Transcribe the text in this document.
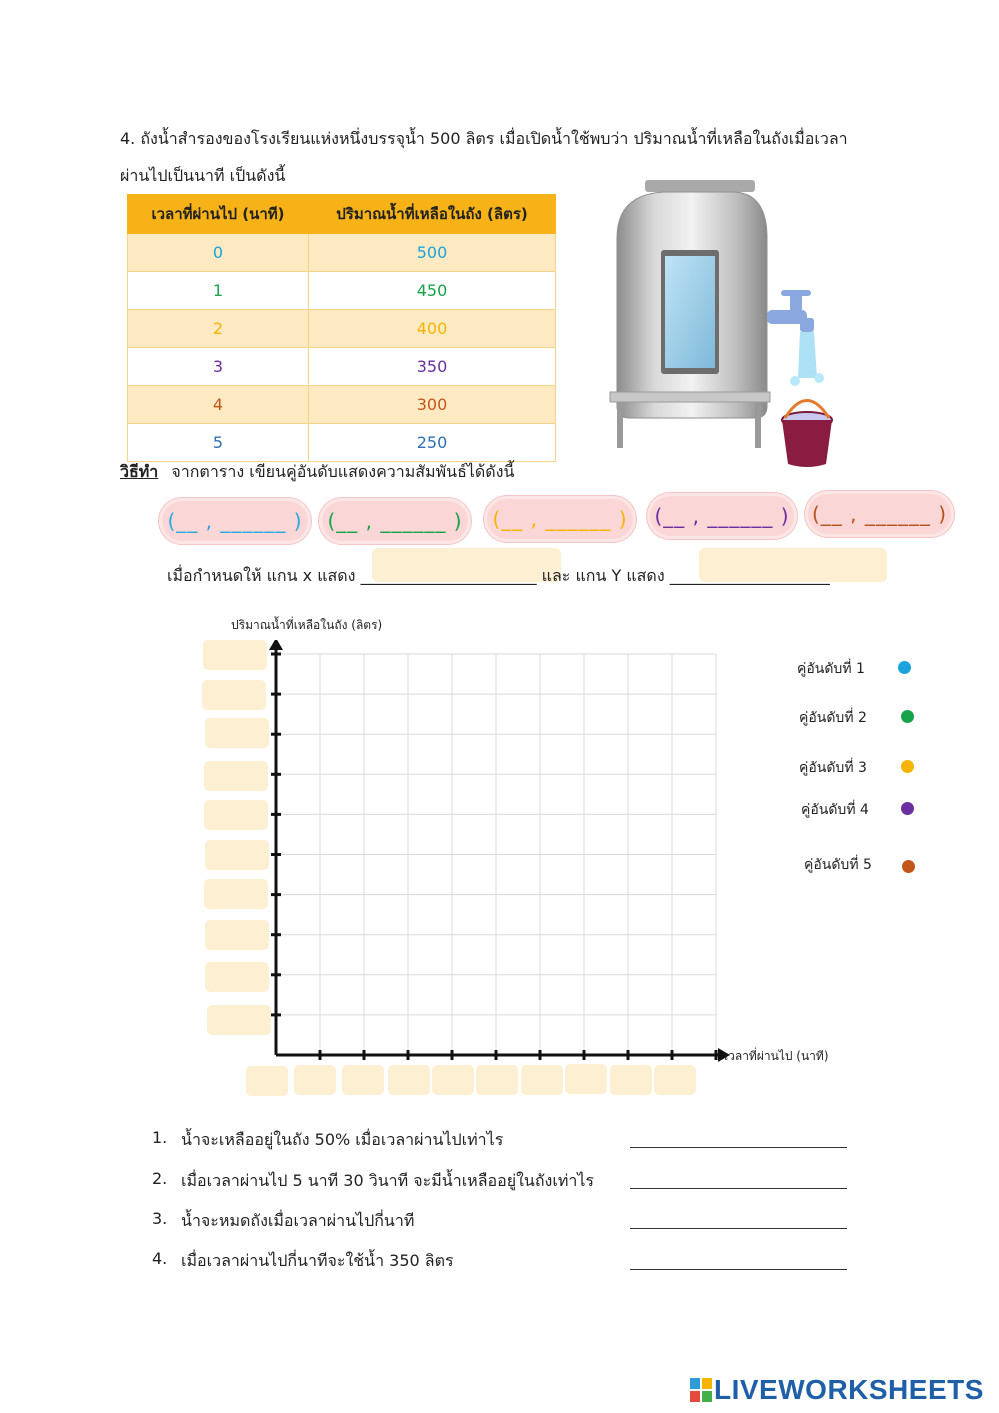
4. ถังน้ำสำรองของโรงเรียนแห่งหนึ่งบรรจุน้ำ 500 ลิตร เมื่อเปิดน้ำใช้พบว่า ปริมาณน้ำที่เหลือในถังเมื่อเวลา
ผ่านไปเป็นนาที เป็นดังนี้
เวลาที่ผ่านไป (นาที)	ปริมาณน้ำที่เหลือในถัง (ลิตร)
0	500
1	450
2	400
3	350
4	300
5	250
วิธีทำ จากตาราง เขียนคู่อันดับแสดงความสัมพันธ์ได้ดังนี้
(__ , ______ ) (__ , ______ ) (__ , ______ ) (__ , ______ ) (__ , ______ )
เมื่อกำหนดให้ แกน x แสดง ______________________ และ แกน Y แสดง ____________________
ปริมาณน้ำที่เหลือในถัง (ลิตร)
เวลาที่ผ่านไป (นาที)
คู่อันดับที่ 1
คู่อันดับที่ 2
คู่อันดับที่ 3
คู่อันดับที่ 4
คู่อันดับที่ 5
1. น้ำจะเหลืออยู่ในถัง 50% เมื่อเวลาผ่านไปเท่าไร
2. เมื่อเวลาผ่านไป 5 นาที 30 วินาที จะมีน้ำเหลืออยู่ในถังเท่าไร
3. น้ำจะหมดถังเมื่อเวลาผ่านไปกี่นาที
4. เมื่อเวลาผ่านไปกี่นาทีจะใช้น้ำ 350 ลิตร
LIVEWORKSHEETS
